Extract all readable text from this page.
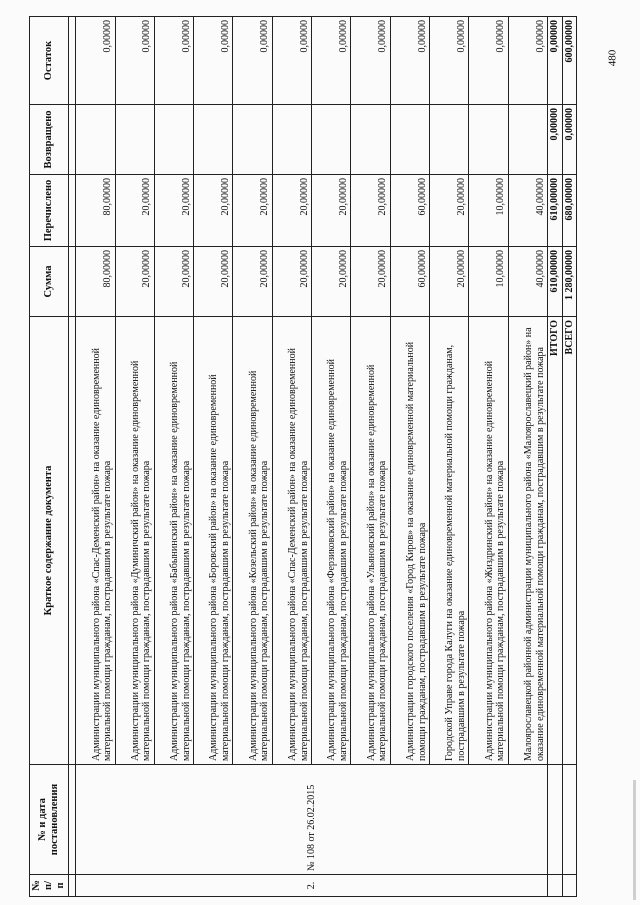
480
№ п/п	№ и дата постановления	Краткое содержание документа	Сумма	Перечислено	Возвращено	Остаток

2.	№ 108 от 26.02.2015	Администрации муниципального района «Спас-Деменский район» на оказание единовременной материальной помощи гражданам, пострадавшим в результате пожара	80,00000	80,00000		0,00000
		Администрации муниципального района «Думиничский район» на оказание единовременной материальной помощи гражданам, пострадавшим в результате пожара	20,00000	20,00000		0,00000
		Администрации муниципального района «Бабынинский район» на оказание единовременной материальной помощи гражданам, пострадавшим в результате пожара	20,00000	20,00000		0,00000
		Администрации муниципального района «Боровский район» на оказание единовременной материальной помощи гражданам, пострадавшим в результате пожара	20,00000	20,00000		0,00000
		Администрации муниципального района «Козельский район» на оказание единовременной материальной помощи гражданам, пострадавшим в результате пожара	20,00000	20,00000		0,00000
		Администрации муниципального района «Спас-Деменский район» на оказание единовременной материальной помощи гражданам, пострадавшим в результате пожара	20,00000	20,00000		0,00000
		Администрации муниципального района «Ферзиковский район» на оказание единовременной материальной помощи гражданам, пострадавшим в результате пожара	20,00000	20,00000		0,00000
		Администрации муниципального района «Ульяновский район» на оказание единовременной материальной помощи гражданам, пострадавшим в результате пожара	20,00000	20,00000		0,00000
		Администрации городского поселения «Город Киров» на оказание единовременной материальной помощи гражданам, пострадавшим в результате пожара	60,00000	60,00000		0,00000
		Городской Управе города Калуги на оказание единовременной материальной помощи гражданам, пострадавшим в результате пожара	20,00000	20,00000		0,00000
		Администрации муниципального района «Жиздринский район» на оказание единовременной материальной помощи гражданам, пострадавшим в результате пожара	10,00000	10,00000		0,00000
		Малоярославецкой районной администрации муниципального района «Малоярославецкий район» на оказание единовременной материальной помощи гражданам, пострадавшим в результате пожара	40,00000	40,00000		0,00000
		ИТОГО	610,00000	610,00000	0,00000	0,00000
		ВСЕГО	1 280,00000	680,00000	0,00000	600,00000
